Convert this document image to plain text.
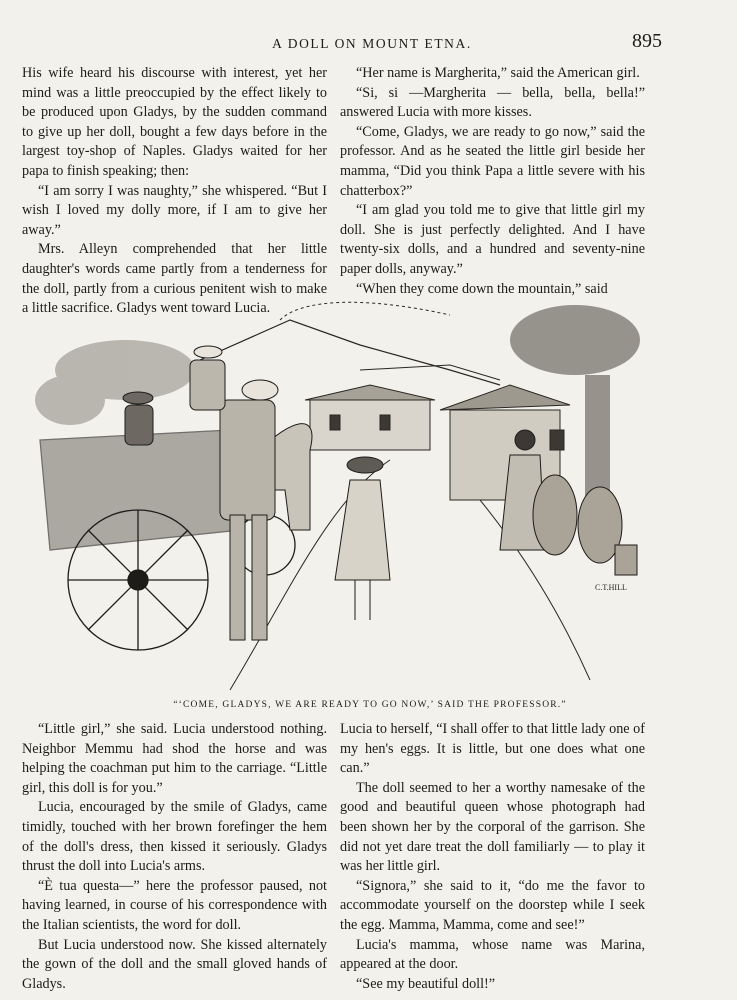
A DOLL ON MOUNT ETNA.	895

His wife heard his discourse with interest, yet her mind was a little preoccupied by the effect likely to be produced upon Gladys, by the sudden command to give up her doll, bought a few days before in the largest toy-shop of Naples. Gladys waited for her papa to finish speaking; then:

“I am sorry I was naughty,” she whispered. “But I wish I loved my dolly more, if I am to give her away.”

Mrs. Alleyn comprehended that her little daughter's words came partly from a tenderness for the doll, partly from a curious penitent wish to make a little sacrifice. Gladys went toward Lucia.

“Her name is Margherita,” said the American girl.

“Si, si —Margherita — bella, bella, bella!” answered Lucia with more kisses.

“Come, Gladys, we are ready to go now,” said the professor. And as he seated the little girl beside her mamma, “Did you think Papa a little severe with his chatterbox?”

“I am glad you told me to give that little girl my doll. She is just perfectly delighted. And I have twenty-six dolls, and a hundred and seventy-nine paper dolls, anyway.”

“When they come down the mountain,” said

C.T.HILL
“‘COME, GLADYS, WE ARE READY TO GO NOW,’ SAID THE PROFESSOR.”

“Little girl,” she said. Lucia understood nothing. Neighbor Memmu had shod the horse and was helping the coachman put him to the carriage. “Little girl, this doll is for you.”

Lucia, encouraged by the smile of Gladys, came timidly, touched with her brown forefinger the hem of the doll's dress, then kissed it seriously. Gladys thrust the doll into Lucia's arms.

“È tua questa—” here the professor paused, not having learned, in course of his correspondence with the Italian scientists, the word for doll.

But Lucia understood now. She kissed alternately the gown of the doll and the small gloved hands of Gladys.

Lucia to herself, “I shall offer to that little lady one of my hen's eggs. It is little, but one does what one can.”

The doll seemed to her a worthy namesake of the good and beautiful queen whose photograph had been shown her by the corporal of the garrison. She did not yet dare treat the doll familiarly — to play it was her little girl.

“Signora,” she said to it, “do me the favor to accommodate yourself on the doorstep while I seek the egg. Mamma, Mamma, come and see!”

Lucia's mamma, whose name was Marina, appeared at the door.

“See my beautiful doll!”
